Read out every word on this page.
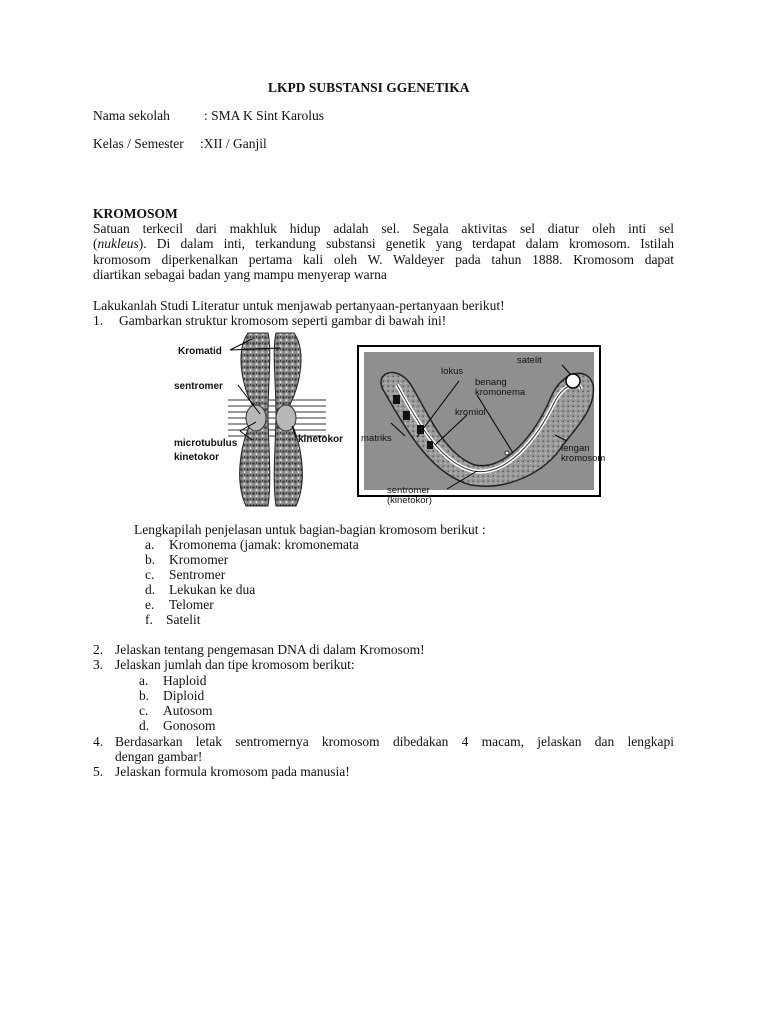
LKPD SUBSTANSI GGENETIKA
Nama sekolah	: SMA K Sint Karolus
Kelas / Semester :XII / Ganjil
KROMOSOM
Satuan terkecil dari makhluk hidup adalah sel. Segala aktivitas sel diatur oleh inti sel
(nukleus). Di dalam inti, terkandung substansi genetik yang terdapat dalam kromosom. Istilah
kromosom diperkenalkan pertama kali oleh W. Waldeyer pada tahun 1888. Kromosom dapat
diartikan sebagai badan yang mampu menyerap warna
Lakukanlah Studi Literatur untuk menjawab pertanyaan-pertanyaan berikut!
1. Gambarkan struktur kromosom seperti gambar di bawah ini!
Kromatid
sentromer
kinetokor
microtubulus
kinetokor
lokus
benang
kromonema
satelit
kromiol
matriks
lengan
kromosom
sentromer
(kinetokor)
Lengkapilah penjelasan untuk bagian-bagian kromosom berikut :
a. Kromonema (jamak: kromonemata
b. Kromomer
c. Sentromer
d. Lekukan ke dua
e. Telomer
f. Satelit
2. Jelaskan tentang pengemasan DNA di dalam Kromosom!
3. Jelaskan jumlah dan tipe kromosom berikut:
a. Haploid
b. Diploid
c. Autosom
d. Gonosom
4. Berdasarkan letak sentromernya kromosom dibedakan 4 macam, jelaskan dan lengkapi
dengan gambar!
5. Jelaskan formula kromosom pada manusia!
